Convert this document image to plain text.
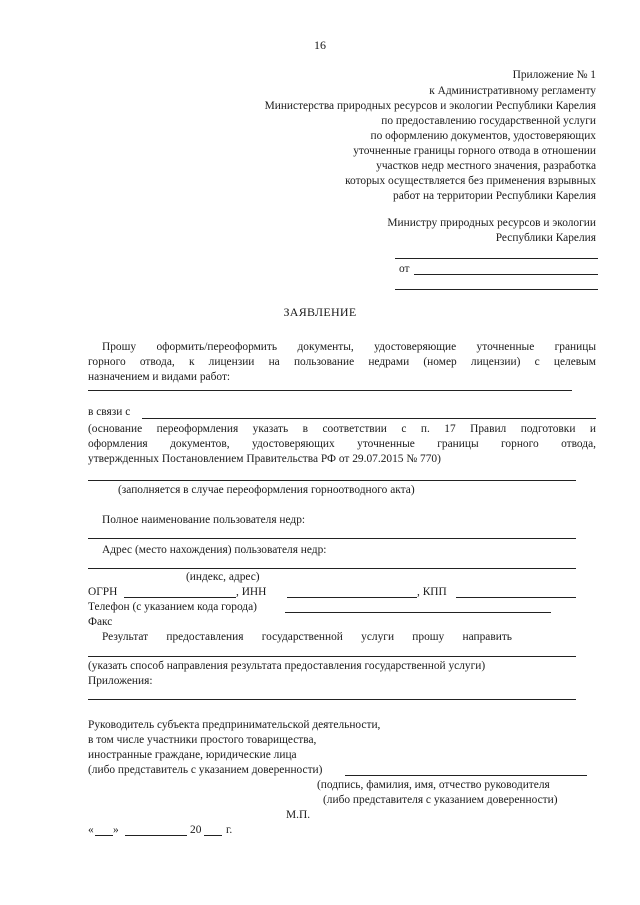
16
Приложение № 1
к Административному регламенту
Министерства природных ресурсов и экологии Республики Карелия
по предоставлению государственной услуги
по оформлению документов, удостоверяющих
уточненные границы горного отвода в отношении
участков недр местного значения, разработка
которых осуществляется без применения взрывных
работ на территории Республики Карелия
Министру природных ресурсов и экологии
Республики Карелия
от
ЗАЯВЛЕНИЕ
Прошу оформить/переоформить документы, удостоверяющие уточненные границы
горного отвода, к лицензии на пользование недрами (номер лицензии) с целевым
назначением и видами работ:
в связи с
(основание переоформления указать в соответствии с п. 17 Правил подготовки и
оформления документов, удостоверяющих уточненные границы горного отвода,
утвержденных Постановлением Правительства РФ от 29.07.2015 № 770)
(заполняется в случае переоформления горноотводного акта)
Полное наименование пользователя недр:
Адрес (место нахождения) пользователя недр:
(индекс, адрес)
ОГРН	, ИНН	, КПП
Телефон (с указанием кода города)
Факс
Результат предоставления государственной услуги прошу направить
(указать способ направления результата предоставления государственной услуги)
Приложения:
Руководитель субъекта предпринимательской деятельности,
в том числе участники простого товарищества,
иностранные граждане, юридические лица
(либо представитель с указанием доверенности)
(подпись, фамилия, имя, отчество руководителя
(либо представителя с указанием доверенности)
М.П.
« »	20 г.
